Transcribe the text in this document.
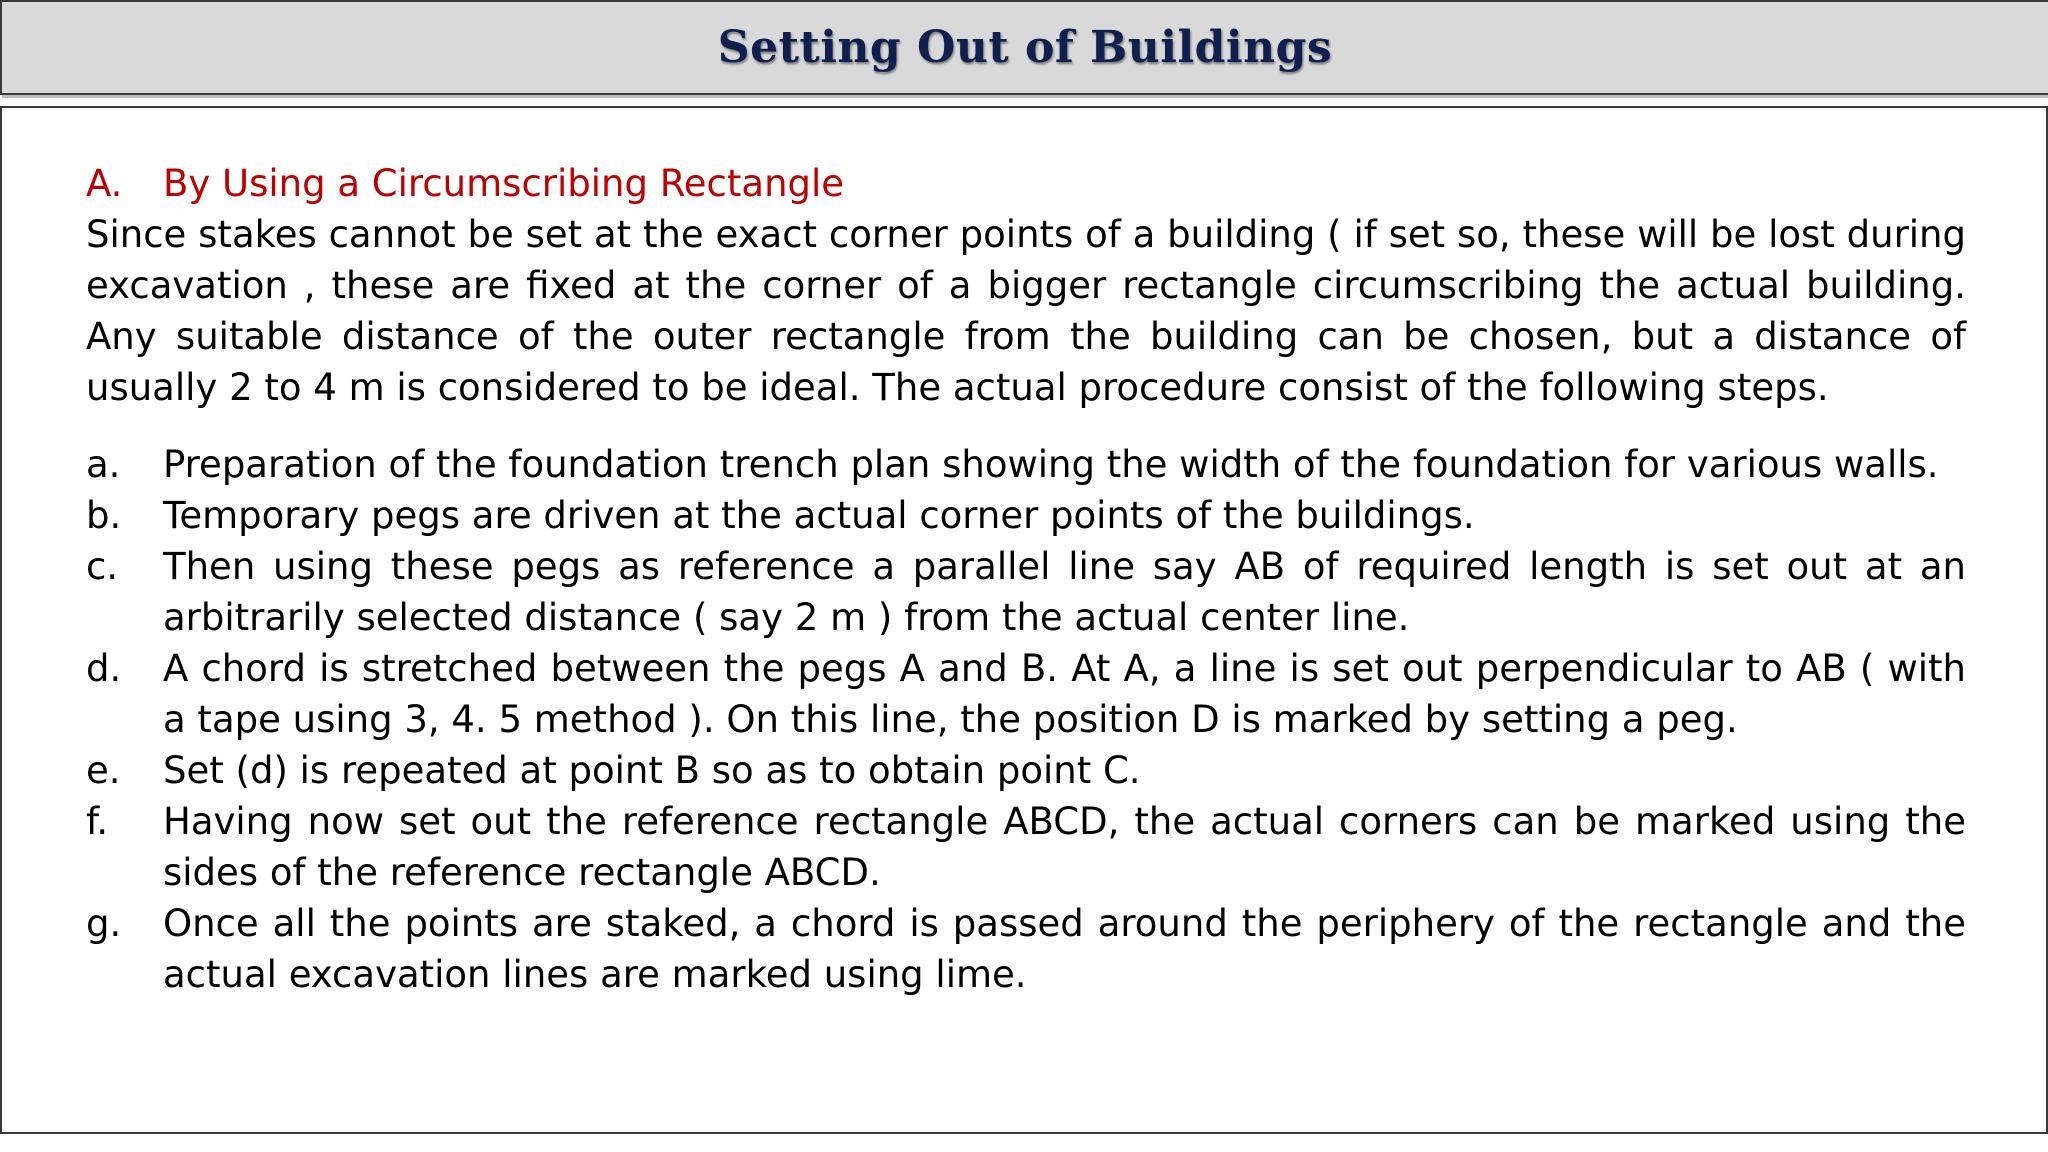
Setting Out of Buildings

A.	By Using a Circumscribing Rectangle

Since stakes cannot be set at the exact corner points of a building ( if set so, these will be lost during excavation , these are fixed at the corner of a bigger rectangle circumscribing the actual building. Any suitable distance of the outer rectangle from the building can be chosen, but a distance of usually 2 to 4 m is considered to be ideal. The actual procedure consist of the following steps.

a.	Preparation of the foundation trench plan showing the width of the foundation for various walls.
b.	Temporary pegs are driven at the actual corner points of the buildings.
c.	Then using these pegs as reference a parallel line say AB of required length is set out at an arbitrarily selected distance ( say 2 m ) from the actual center line.
d.	A chord is stretched between the pegs A and B. At A, a line is set out perpendicular to AB ( with a tape using 3, 4. 5 method ). On this line, the position D is marked by setting a peg.
e.	Set (d) is repeated at point B so as to obtain point C.
f.	Having now set out the reference rectangle ABCD, the actual corners can be marked using the sides of the reference rectangle ABCD.
g.	Once all the points are staked, a chord is passed around the periphery of the rectangle and the actual excavation lines are marked using lime.
